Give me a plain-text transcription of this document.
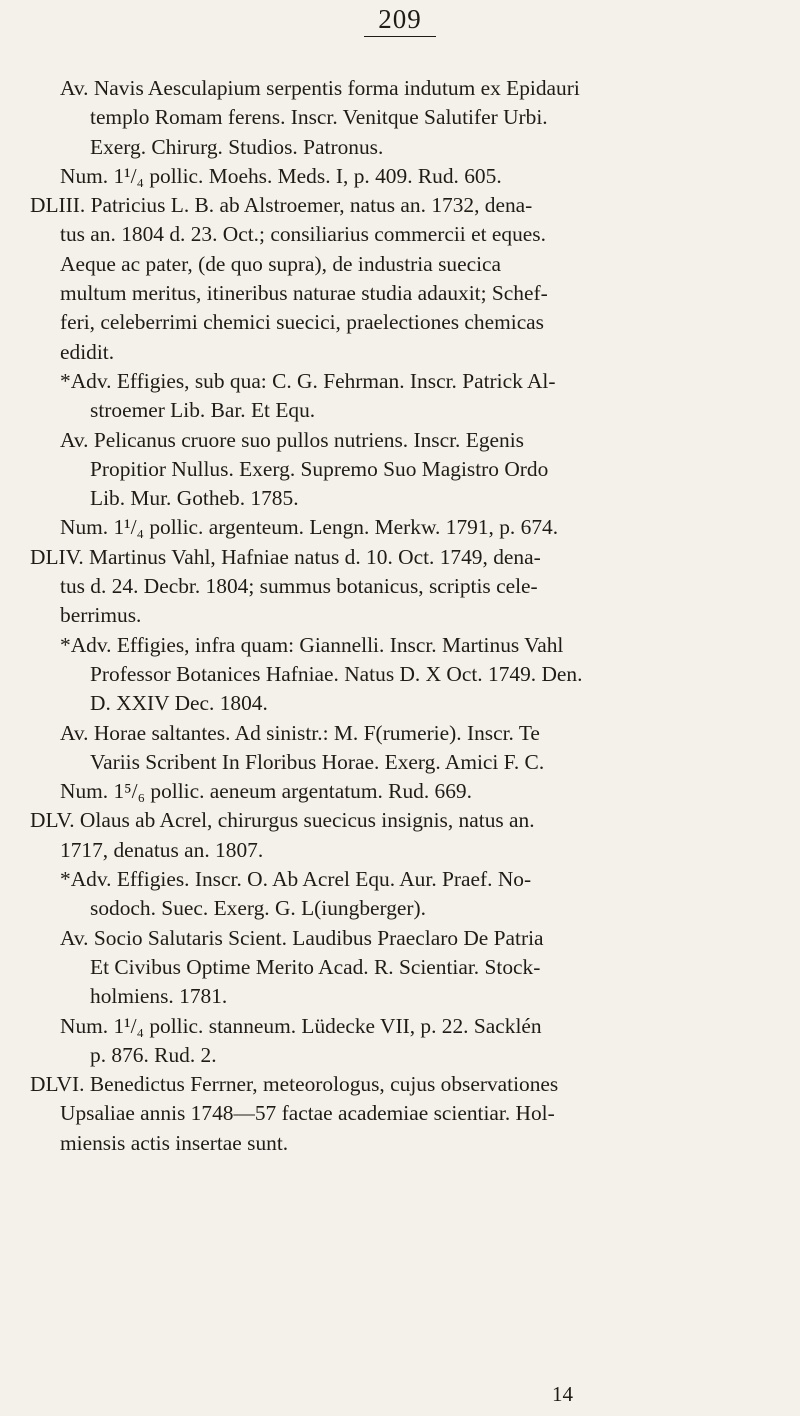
209
Av. Navis Aesculapium serpentis forma indutum ex Epidauri
templo Romam ferens. Inscr. Venitque Salutifer Urbi.
Exerg. Chirurg. Studios. Patronus.
Num. 1¹/₄ pollic. Moehs. Meds. I, p. 409. Rud. 605.
DLIII. Patricius L. B. ab Alstroemer, natus an. 1732, dena-
tus an. 1804 d. 23. Oct.; consiliarius commercii et eques.
Aeque ac pater, (de quo supra), de industria suecica
multum meritus, itineribus naturae studia adauxit; Schef-
feri, celeberrimi chemici suecici, praelectiones chemicas
edidit.
*Adv. Effigies, sub qua: C. G. Fehrman. Inscr. Patrick Al-
stroemer Lib. Bar. Et Equ.
Av. Pelicanus cruore suo pullos nutriens. Inscr. Egenis
Propitior Nullus. Exerg. Supremo Suo Magistro Ordo
Lib. Mur. Gotheb. 1785.
Num. 1¹/₄ pollic. argenteum. Lengn. Merkw. 1791, p. 674.
DLIV. Martinus Vahl, Hafniae natus d. 10. Oct. 1749, dena-
tus d. 24. Decbr. 1804; summus botanicus, scriptis cele-
berrimus.
*Adv. Effigies, infra quam: Giannelli. Inscr. Martinus Vahl
Professor Botanices Hafniae. Natus D. X Oct. 1749. Den.
D. XXIV Dec. 1804.
Av. Horae saltantes. Ad sinistr.: M. F(rumerie). Inscr. Te
Variis Scribent In Floribus Horae. Exerg. Amici F. C.
Num. 1⁵/₆ pollic. aeneum argentatum. Rud. 669.
DLV. Olaus ab Acrel, chirurgus suecicus insignis, natus an.
1717, denatus an. 1807.
*Adv. Effigies. Inscr. O. Ab Acrel Equ. Aur. Praef. No-
sodoch. Suec. Exerg. G. L(iungberger).
Av. Socio Salutaris Scient. Laudibus Praeclaro De Patria
Et Civibus Optime Merito Acad. R. Scientiar. Stock-
holmiens. 1781.
Num. 1¹/₄ pollic. stanneum. Lüdecke VII, p. 22. Sacklén
p. 876. Rud. 2.
DLVI. Benedictus Ferrner, meteorologus, cujus observationes
Upsaliae annis 1748—57 factae academiae scientiar. Hol-
miensis actis insertae sunt.
14
